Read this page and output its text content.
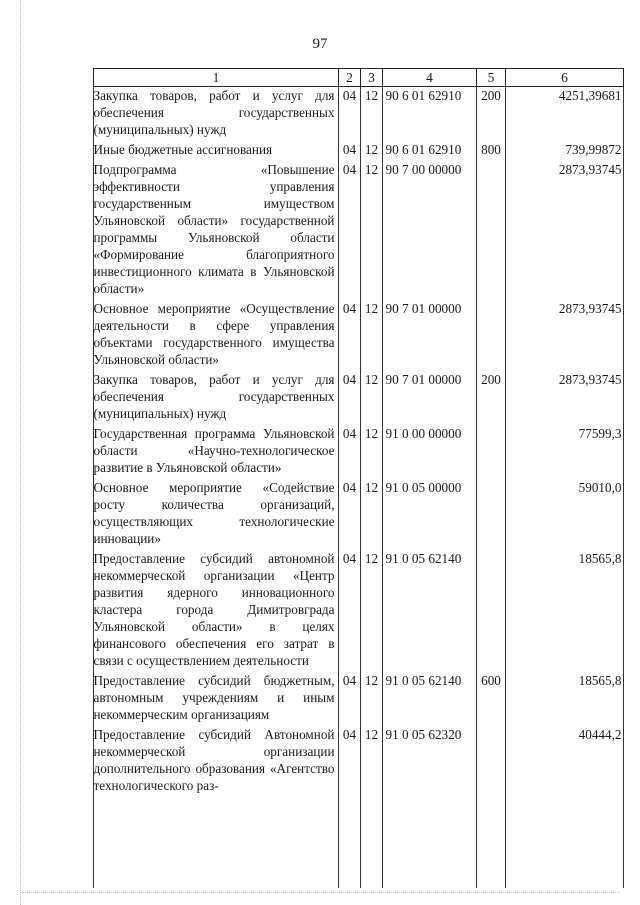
97
1	2	3	4	5	6
Закупка товаров, работ и услуг для обеспечения государственных (муниципальных) нужд	04	12	90 6 01 62910	200	4251,39681
Иные бюджетные ассигнования	04	12	90 6 01 62910	800	739,99872
Подпрограмма «Повышение эффективности управления государственным имуществом Ульяновской области» государственной программы Ульяновской области «Формирование благоприятного инвестиционного климата в Ульяновской области»	04	12	90 7 00 00000		2873,93745
Основное мероприятие «Осуществление деятельности в сфере управления объектами государственного имущества Ульяновской области»	04	12	90 7 01 00000		2873,93745
Закупка товаров, работ и услуг для обеспечения государственных (муниципальных) нужд	04	12	90 7 01 00000	200	2873,93745
Государственная программа Ульяновской области «Научно-технологическое развитие в Ульяновской области»	04	12	91 0 00 00000		77599,3
Основное мероприятие «Содействие росту количества организаций, осуществляющих технологические инновации»	04	12	91 0 05 00000		59010,0
Предоставление субсидий автономной некоммерческой организации «Центр развития ядерного инновационного кластера города Димитровграда Ульяновской области» в целях финансового обеспечения его затрат в связи с осуществлением деятельности	04	12	91 0 05 62140		18565,8
Предоставление субсидий бюджетным, автономным учреждениям и иным некоммерческим организациям	04	12	91 0 05 62140	600	18565,8
Предоставление субсидий Автономной некоммерческой организации дополнительного образования «Агентство технологического раз-	04	12	91 0 05 62320		40444,2
